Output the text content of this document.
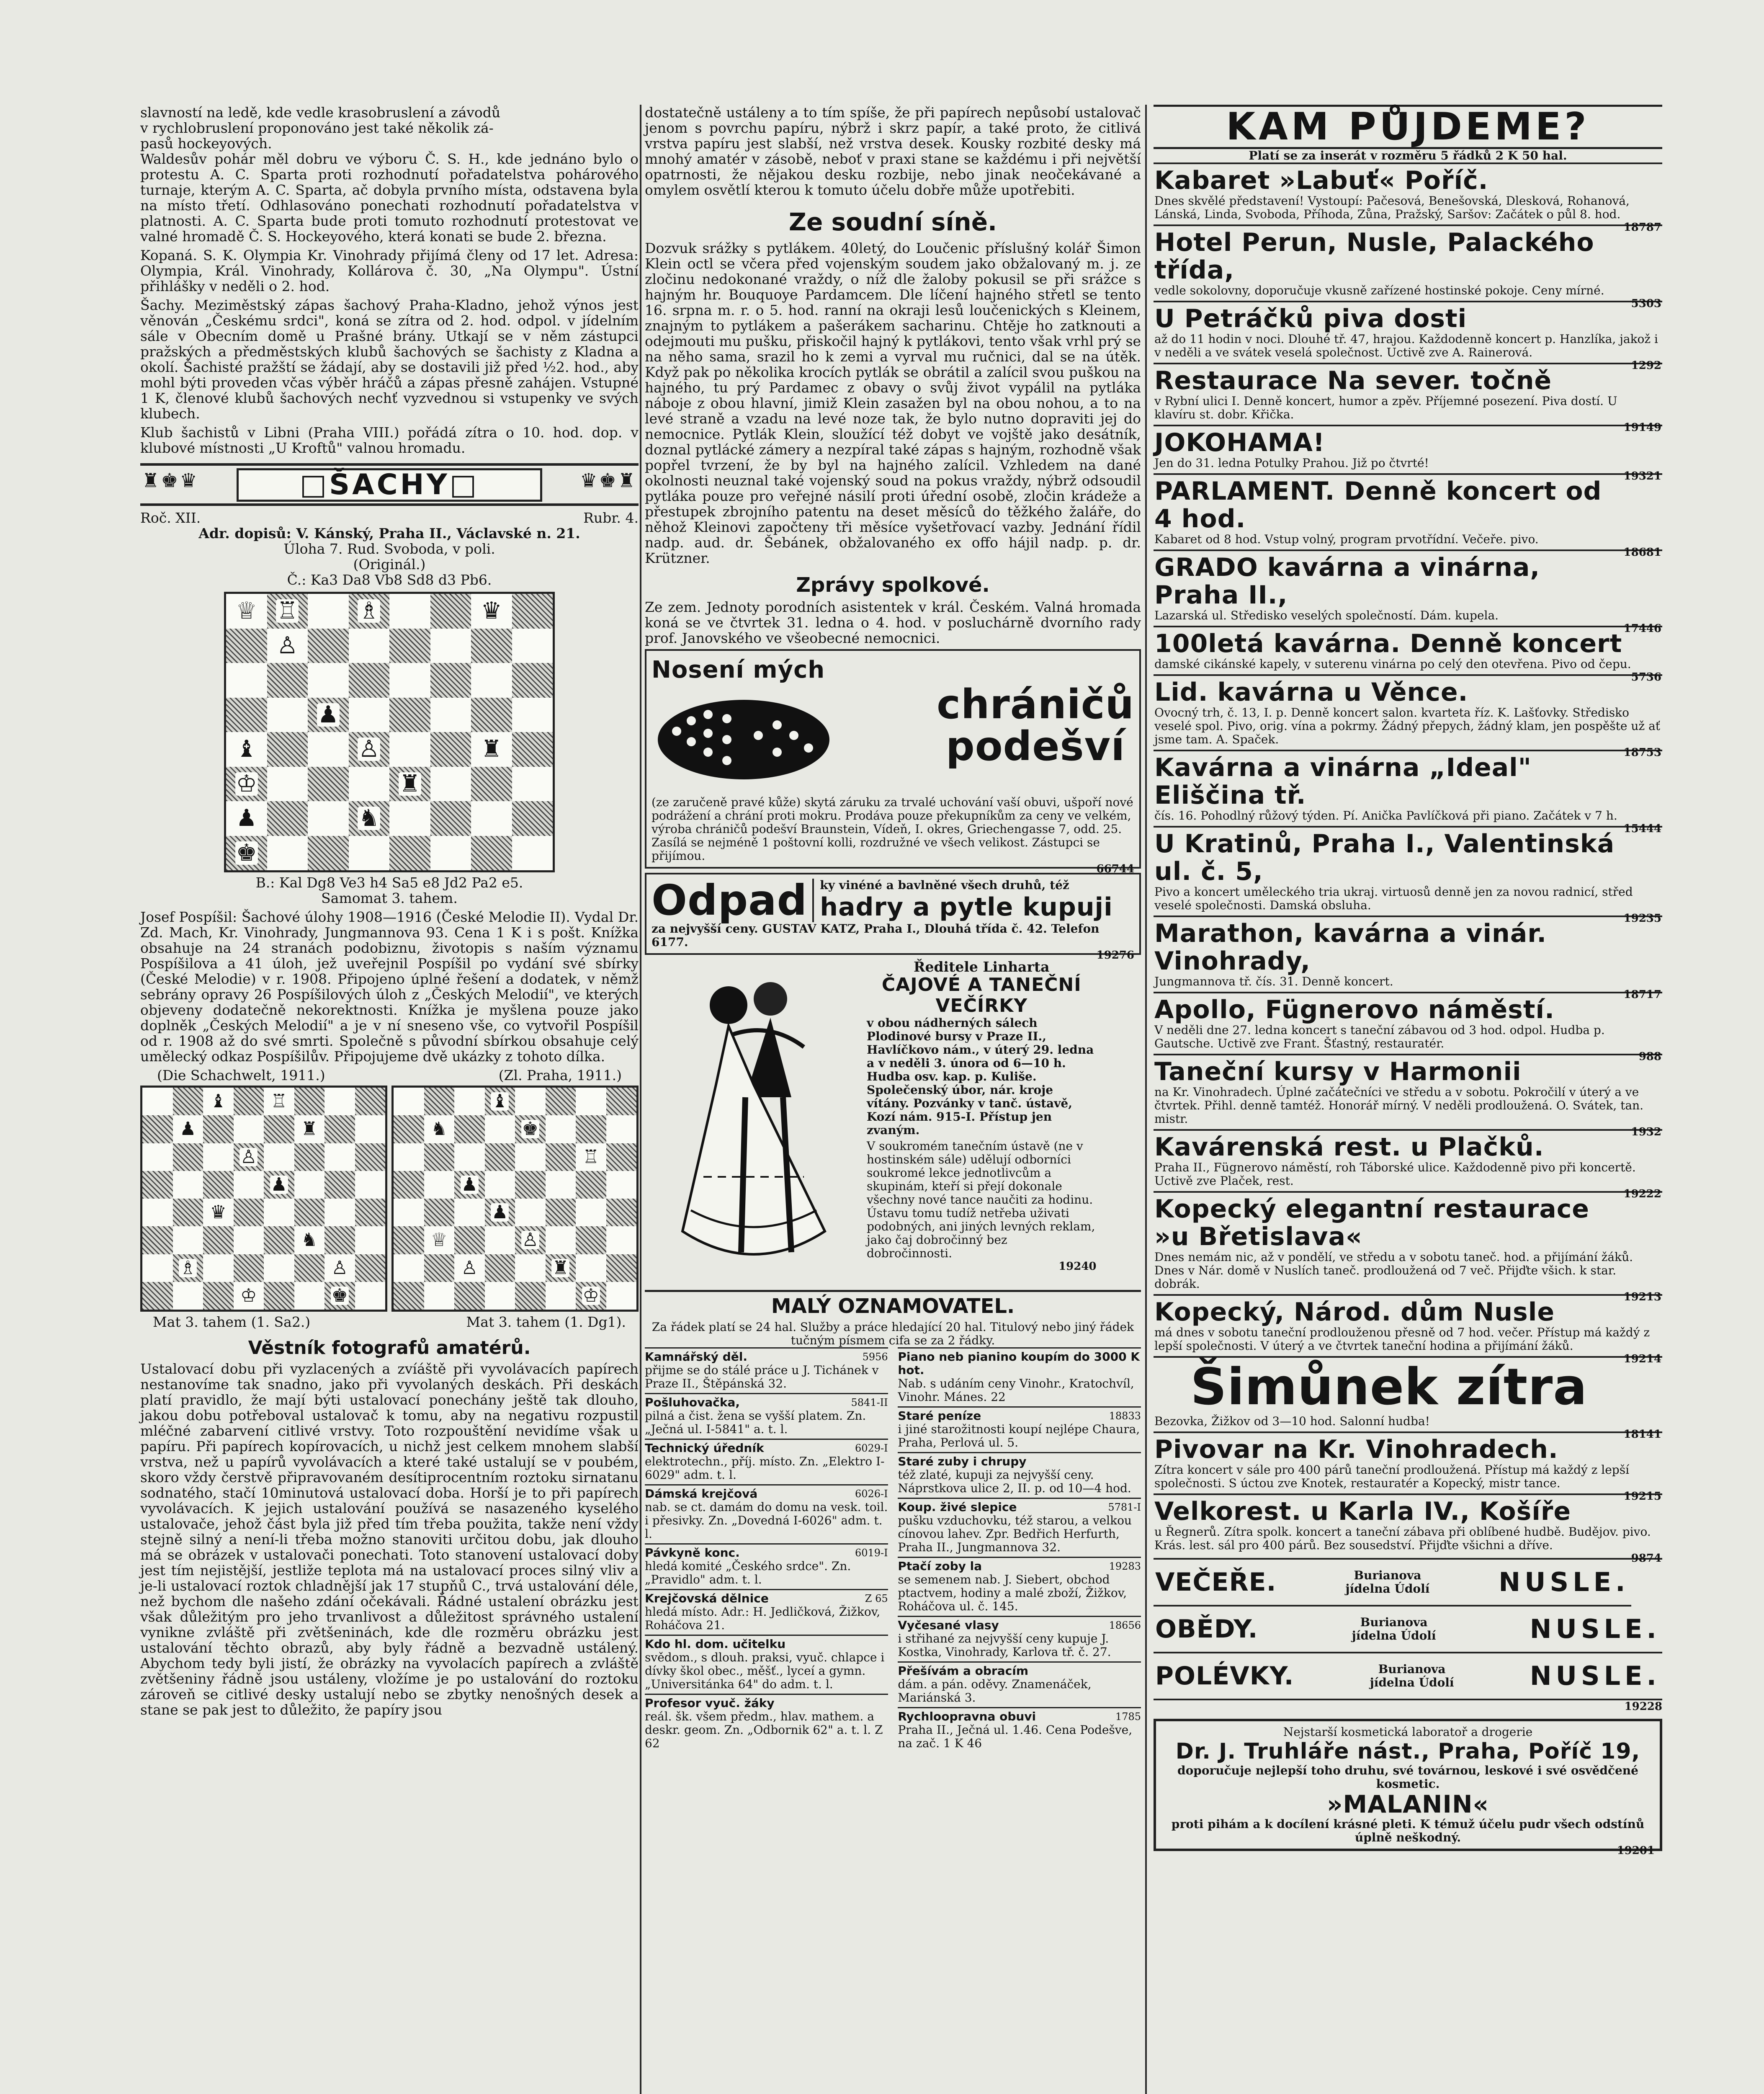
slavností na ledě, kde vedle krasobruslení a závodů
v rychlobruslení proponováno jest také několik zá-
pasů hockeyových.

Waldesův pohár měl dobru ve výboru Č. S. H., kde jednáno bylo o protestu A. C. Sparta proti rozhodnutí pořadatelstva pohárového turnaje, kterým A. C. Sparta, ač dobyla prvního místa, odstavena byla na místo třetí. Odhlasováno ponechati rozhodnutí pořadatelstva v platnosti. A. C. Sparta bude proti tomuto rozhodnutí protestovat ve valné hromadě Č. S. Hockeyového, která konati se bude 2. března.

Kopaná. S. K. Olympia Kr. Vinohrady přijímá členy od 17 let. Adresa: Olympia, Král. Vinohrady, Kollárova č. 30, „Na Olympu". Ústní přihlášky v neděli o 2. hod.

Šachy. Meziměstský zápas šachový Praha-Kladno, jehož výnos jest věnován „Českému srdci", koná se zítra od 2. hod. odpol. v jídelním sále v Obecním domě u Prašné brány. Utkají se v něm zástupci pražských a předměstských klubů šachových se šachisty z Kladna a okolí. Šachisté pražští se žádají, aby se dostavili již před ½2. hod., aby mohl býti proveden včas výběr hráčů a zápas přesně zahájen. Vstupné 1 K, členové klubů šachových nechť vyzvednou si vstupenky ve svých klubech.

Klub šachistů v Libni (Praha VIII.) pořádá zítra o 10. hod. dop. v klubové místnosti „U Kroftů" valnou hromadu.

♜♚♛	□ŠACHY□	♛♚♜
Roč. XII.	Rubr. 4.
Adr. dopisů: V. Kánský, Praha II., Václavské n. 21.
Úloha 7. Rud. Svoboda, v poli.
(Originál.)
Č.: Ka3 Da8 Vb8 Sd8 d3 Pb6.
♕ ♖	♗	♛
♙
♟
♝	♙	♜
♔	♜
♟	♞
♚
B.: Kal Dg8 Ve3 h4 Sa5 e8 Jd2 Pa2 e5.
Samomat 3. tahem.

Josef Pospíšil: Šachové úlohy 1908—1916 (České Melodie II). Vydal Dr. Zd. Mach, Kr. Vinohrady, Jungmannova 93. Cena 1 K i s pošt. Knížka obsahuje na 24 stranách podobiznu, životopis s naším významu Pospíšilova a 41 úloh, jež uveřejnil Pospíšil po vydání své sbírky (České Melodie) v r. 1908. Připojeno úplné řešení a dodatek, v němž sebrány opravy 26 Pospíšilových úloh z „Českých Melodií", ve kterých objeveny dodatečně nekorektnosti. Knížka je myšlena pouze jako doplněk „Českých Melodií" a je v ní sneseno vše, co vytvořil Pospíšil od r. 1908 až do své smrti. Společně s původní sbírkou obsahuje celý umělecký odkaz Pospíšilův. Připojujeme dvě ukázky z tohoto dílka.

(Die Schachwelt, 1911.)	(Zl. Praha, 1911.)
♝ ♖
♟	♜
♙
♟
♛
♞
♗	♙
♔	♚
♝
♞	♚
♖
♟
♟
♕	♙
♙	♜
♔
Mat 3. tahem (1. Sa2.)	Mat 3. tahem (1. Dg1).
Věstník fotografů amatérů.

Ustalovací dobu při vyzlacených a zvíáště při vyvolávacích papírech nestanovíme tak snadno, jako při vyvolaných deskách. Při deskách platí pravidlo, že mají býti ustalovací ponechány ještě tak dlouho, jakou dobu potřeboval ustalovač k tomu, aby na negativu rozpustil mléčné zabarvení citlivé vrstvy. Toto rozpouštění nevidíme však u papíru. Při papírech kopírovacích, u nichž jest celkem mnohem slabší vrstva, než u papírů vyvolávacích a které také ustalují se v poubém, skoro vždy čerstvě připravovaném desítiprocentním roztoku sirnatanu sodnatého, stačí 10minutová ustalovací doba. Horší je to při papírech vyvolávacích. K jejich ustalování používá se nasazeného kyselého ustalovače, jehož část byla již před tím třeba použita, takže není vždy stejně silný a není-li třeba možno stanoviti určitou dobu, jak dlouho má se obrázek v ustalovači ponechati. Toto stanovení ustalovací doby jest tím nejistější, jestliže teplota má na ustalovací proces silný vliv a je-li ustalovací roztok chladnější jak 17 stupňů C., trvá ustalování déle, než bychom dle našeho zdání očekávali. Řádné ustalení obrázku jest však důležitým pro jeho trvanlivost a důležitost správného ustalení vynikne zvláště při zvětšeninách, kde dle rozměru obrázku jest ustalování těchto obrazů, aby byly řádně a bezvadně ustálený. Abychom tedy byli jistí, že obrázky na vyvolacích papírech a zvláště zvětšeniny řádně jsou ustáleny, vložíme je po ustalování do roztoku zároveň se citlivé desky ustalují nebo se zbytky nenošných desek a stane se pak jest to důležito, že papíry jsou

dostatečně ustáleny a to tím spíše, že při papírech nepůsobí ustalovač jenom s povrchu papíru, nýbrž i skrz papír, a také proto, že citlivá vrstva papíru jest slabší, než vrstva desek. Kousky rozbité desky má mnohý amatér v zásobě, neboť v praxi stane se každému i při největší opatrnosti, že nějakou desku rozbije, nebo jinak neočekávané a omylem osvětlí kterou k tomuto účelu dobře může upotřebiti.

Ze soudní síně.

Dozvuk srážky s pytlákem. 40letý, do Loučenic příslušný kolář Šimon Klein octl se včera před vojenským soudem jako obžalovaný m. j. ze zločinu nedokonané vraždy, o níž dle žaloby pokusil se při srážce s hajným hr. Bouquoye Pardamcem. Dle líčení hajného střetl se tento 16. srpna m. r. o 5. hod. ranní na okraji lesů loučenických s Kleinem, znajným to pytlákem a pašerákem sacharinu. Chtěje ho zatknouti a odejmouti mu pušku, přiskočil hajný k pytlákovi, tento však vrhl prý se na něho sama, srazil ho k zemi a vyrval mu ručnici, dal se na útěk. Když pak po několika krocích pytlák se obrátil a zalícil svou puškou na hajného, tu prý Pardamec z obavy o svůj život vypálil na pytláka náboje z obou hlavní, jimiž Klein zasažen byl na obou nohou, a to na levé straně a vzadu na levé noze tak, že bylo nutno dopraviti jej do nemocnice. Pytlák Klein, sloužící též dobyt ve vojště jako desátník, doznal pytlácké zámery a nezpíral také zápas s hajným, rozhodně však popřel tvrzení, že by byl na hajného zalícil. Vzhledem na dané okolnosti neuznal také vojenský soud na pokus vraždy, nýbrž odsoudil pytláka pouze pro veřejné násilí proti úřední osobě, zločin krádeže a přestupek zbrojního patentu na deset měsíců do těžkého žaláře, do něhož Kleinovi započteny tři měsíce vyšetřovací vazby. Jednání řídil nadp. aud. dr. Šebánek, obžalovaného ex offo hájil nadp. p. dr. Krützner.

Zprávy spolkové.

Ze zem. Jednoty porodních asistentek v král. Českém. Valná hromada koná se ve čtvrtek 31. ledna o 4. hod. v posluchárně dvorního rady prof. Janovského ve všeobecné nemocnici.

Nosení mých
chráničů
podešví
(ze zaručeně pravé kůže) skytá záruku za trvalé uchování vaší obuvi, ušpoří nové podrážení a chrání proti mokru. Prodáva pouze překupníkům za ceny ve velkém, výroba chráničů podešví Braunstein, Vídeň, I. okres, Griechengasse 7, odd. 25. Zasílá se nejméně 1 poštovní kolli, rozdružné ve všech velikost. Zástupci se přijímou.
66744
Odpad	ky vinéné a bavlněné všech druhů, též
hadry a pytle kupuji
za nejvyšší ceny. GUSTAV KATZ, Praha I., Dlouhá třída č. 42. Telefon 6177.
19276
Ředitele Linharta
ČAJOVÉ A TANEČNÍ
VEČÍRKY
v obou nádherných sálech Plodinové bursy v Praze II., Havlíčkovo nám., v úterý 29. ledna a v neděli 3. února od 6—10 h. Hudba osv. kap. p. Kuliše. Společenský úbor, nár. kroje vítány. Pozvánky v tanč. ústavě, Kozí nám. 915-I. Přístup jen zvaným.
V soukromém tanečním ústavě (ne v hostinském sále) udělují odborníci soukromé lekce jednotlivcům a skupinám, kteří si přejí dokonale všechny nové tance naučiti za hodinu. Ústavu tomu tudíž netřeba uživati podobných, ani jiných levných reklam, jako čaj dobročinný bez dobročinnosti.
19240
MALÝ OZNAMOVATEL.
Za řádek platí se 24 hal. Služby a práce hledající 20 hal. Titulový nebo jiný řádek tučným písmem cifa se za 2 řádky.
5956
Kamnářský děl.
přijme se do stálé práce u J. Tichánek v Praze II., Štěpánská 32.
5841-II
Pošluhovačka,
pilná a čist. žena se vyšší platem. Zn. „Ječná ul. I-5841" a. t. l.
6029-I
Technický úředník
elektrotechn., příj. místo. Zn. „Elektro I-6029" adm. t. l.
6026-I
Dámská krejčová
nab. se ct. damám do domu na vesk. toil. i přesivky. Zn. „Dovedná I-6026" adm. t. l.
6019-I
Pávkyně konc.
hledá komité „Českého srdce". Zn. „Pravidlo" adm. t. l.
Z 65
Krejčovská dělnice
hledá místo. Adr.: H. Jedličková, Žižkov, Roháčova 21.
Kdo hl. dom. učitelku
svědom., s dlouh. praksi, vyuč. chlapce i dívky škol obec., měšť., lyceí a gymn. „Universitánka 64" do adm. t. l.
Profesor vyuč. žáky
reál. šk. všem předm., hlav. mathem. a deskr. geom. Zn. „Odbornik 62" a. t. l. Z 62
Piano neb pianino koupím do 3000 K hot.
Nab. s udáním ceny Vinohr., Kratochvíl, Vinohr. Mánes. 22
18833
Staré peníze
i jiné starožitnosti koupí nejlépe Chaura, Praha, Perlová ul. 5.
Staré zuby i chrupy
též zlaté, kupuji za nejvyšší ceny. Náprstkova ulice 2, II. p. od 10—4 hod.
5781-I
Koup. živé slepice
pušku vzduchovku, též starou, a velkou cínovou lahev. Zpr. Bedřich Herfurth, Praha II., Jungmannova 32.
19283
Ptačí zoby la
se semenem nab. J. Siebert, obchod ptactvem, hodiny a malé zboží, Žižkov, Roháčova ul. č. 145.
18656
Vyčesané vlasy
i střihané za nejvyšší ceny kupuje J. Kostka, Vinohrady, Karlova tř. č. 27.
Přešívám a obracím
dám. a pán. oděvy. Znamenáček, Mariánská 3.
1785
Rychloopravna obuvi
Praha II., Ječná ul. 1.46. Cena Podešve, na zač. 1 K 46
KAM PŮJDEME?
Platí se za inserát v rozměru 5 řádků 2 K 50 hal.
Kabaret »Labuť« Poříč.
Dnes skvělé představení! Vystoupí: Pačesová, Benešovská, Dlesková, Rohanová, Lánská, Linda, Svoboda, Příhoda, Zůna, Pražský, Saršov: Začátek o půl 8. hod.
18787
Hotel Perun, Nusle, Palackého třída,
vedle sokolovny, doporučuje vkusně zařízené hostinské pokoje. Ceny mírné.
5303
U Petráčků piva dosti
až do 11 hodin v noci. Dlouhé tř. 47, hrajou. Každodenně koncert p. Hanzlíka, jakož i v neděli a ve svátek veselá společnost. Uctivě zve A. Rainerová.
1292
Restaurace Na sever. točně
v Rybní ulici I. Denně koncert, humor a zpěv. Příjemné posezení. Piva dostí. U klavíru st. dobr. Křička.
19149
JOKOHAMA!
Jen do 31. ledna Potulky Prahou. Již po čtvrté!
19321
PARLAMENT. Denně koncert od 4 hod.
Kabaret od 8 hod. Vstup volný, program prvotřídní. Večeře. pivo.
18681
GRADO kavárna a vinárna, Praha II.,
Lazarská ul. Středisko veselých společností. Dám. kupela.
17446
100letá kavárna. Denně koncert
damské cikánské kapely, v suterenu vinárna po celý den otevřena. Pivo od čepu.
5736
Lid. kavárna u Věnce.
Ovocný trh, č. 13, I. p. Denně koncert salon. kvarteta říz. K. Lašťovky. Středisko veselé spol. Pivo, orig. vína a pokrmy. Žádný přepych, žádný klam, jen pospěšte už ať jsme tam. A. Spaček.
18753
Kavárna a vinárna „Ideal" Eliščina tř.
čís. 16. Pohodlný růžový týden. Pí. Anička Pavlíčková při piano. Začátek v 7 h.
15444
U Kratinů, Praha I., Valentinská ul. č. 5,
Pivo a koncert uměleckého tria ukraj. virtuosů denně jen za novou radnicí, střed veselé společnosti. Damská obsluha.
19235
Marathon, kavárna a vinár. Vinohrady,
Jungmannova tř. čís. 31. Denně koncert.
18717
Apollo, Fügnerovo náměstí.
V neděli dne 27. ledna koncert s taneční zábavou od 3 hod. odpol. Hudba p. Gautsche. Uctivě zve Frant. Šťastný, restauratér.
988
Taneční kursy v Harmonii
na Kr. Vinohradech. Úplné začátečníci ve středu a v sobotu. Pokročilí v úterý a ve čtvrtek. Přihl. denně tamtéž. Honorář mírný. V neděli prodloužená. O. Svátek, tan. mistr.
1932
Kavárenská rest. u Plačků.
Praha II., Fügnerovo náměstí, roh Táborské ulice. Každodenně pivo při koncertě. Uctivě zve Plaček, rest.
19222
Kopecký elegantní restaurace »u Břetislava«
Dnes nemám nic, až v pondělí, ve středu a v sobotu taneč. hod. a přijímání žáků. Dnes v Nár. domě v Nuslích taneč. prodloužená od 7 več. Přijďte všich. k star. dobrák.
19213
Kopecký, Národ. dům Nusle
má dnes v sobotu taneční prodlouženou přesně od 7 hod. večer. Přístup má každý z lepší společnosti. V úterý a ve čtvrtek taneční hodina a přijímání žáků.
19214
Šimůnek zítra
Bezovka, Žižkov od 3—10 hod. Salonní hudba!
18141
Pivovar na Kr. Vinohradech.
Zítra koncert v sále pro 400 párů taneční prodloužená. Přístup má každý z lepší společnosti. S úctou zve Knotek, restauratér a Kopecký, mistr tance.
19215
Velkorest. u Karla IV., Košíře
u Řegnerů. Zítra spolk. koncert a taneční zábava při oblíbené hudbě. Budějov. pivo. Krás. lest. sál pro 400 párů. Bez sousedství. Přijďte všichni a dříve.
9874
VEČEŘE.	Burianova jídelna Údolí	NUSLE.
OBĚDY.	Burianova jídelna Údolí	NUSLE.
POLÉVKY.	Burianova jídelna Údolí	NUSLE.
19228
Nejstarší kosmetická laboratoř a drogerie
Dr. J. Truhláře nást., Praha, Poříč 19,
doporučuje nejlepší toho druhu, své továrnou, leskové i své osvědčené kosmetic.
»MALANIN«
proti pihám a k docílení krásné pleti. K témuž účelu pudr všech odstínů úplně neškodný.
19201
